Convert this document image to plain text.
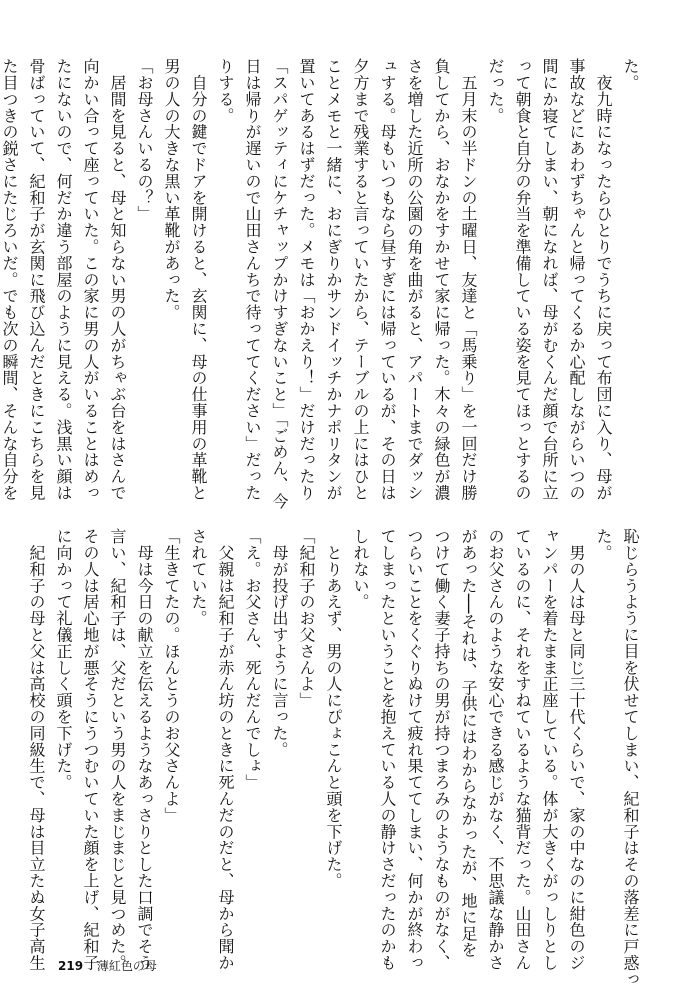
た。
　夜九時になったらひとりでうちに戻って布団に入り、母が
事故などにあわずちゃんと帰ってくるか心配しながらいつの
間にか寝てしまい、朝になれば、母がむくんだ顔で台所に立
って朝食と自分の弁当を準備している姿を見てほっとするの
だった。
　五月末の半ドンの土曜日、友達と「馬乗り」を一回だけ勝
負してから、おなかをすかせて家に帰った。木々の緑色が濃
さを増した近所の公園の角を曲がると、アパートまでダッシ
ュする。母もいつもなら昼すぎには帰っているが、その日は
夕方まで残業すると言っていたから、テーブルの上にはひと
ことメモと一緒に、おにぎりかサンドイッチかナポリタンが
置いてあるはずだった。メモは「おかえり！」だけだったり
「スパゲッティにケチャップかけすぎないこと」「ごめん、今
日は帰りが遅いので山田さんちで待っててください」だった
りする。
　自分の鍵でドアを開けると、玄関に、母の仕事用の革靴と
男の人の大きな黒い革靴があった。
「お母さんいるの？」
　居間を見ると、母と知らない男の人がちゃぶ台をはさんで
向かい合って座っていた。この家に男の人がいることはめっ
たにないので、何だか違う部屋のように見える。浅黒い顔は
骨ばっていて、紀和子が玄関に飛び込んだときにこちらを見
た目つきの鋭さにたじろいだ。でも次の瞬間、そんな自分を
恥じらうように目を伏せてしまい、紀和子はその落差に戸惑っ
た。
　男の人は母と同じ三十代くらいで、家の中なのに紺色のジ
ャンパーを着たまま正座している。体が大きくがっしりとし
ているのに、それをすねているような猫背だった。山田さん
のお父さんのような安心できる感じがなく、不思議な静かさ
があった──それは、子供にはわからなかったが、地に足を
つけて働く妻子持ちの男が持つまろみのようなものがなく、
つらいことをくぐりぬけて疲れ果ててしまい、何かが終わっ
てしまったということを抱えている人の静けさだったのかも
しれない。
　とりあえず、男の人にぴょこんと頭を下げた。
「紀和子のお父さんよ」
　母が投げ出すように言った。
「え。お父さん、死んだんでしょ」
　父親は紀和子が赤ん坊のときに死んだのだと、母から聞か
されていた。
「生きてたの。ほんとうのお父さんよ」
　母は今日の献立を伝えるようなあっさりとした口調でそう
言い、紀和子は、父だという男の人をまじまじと見つめた。
その人は居心地が悪そうにうつむいていた顔を上げ、紀和子
に向かって礼儀正しく頭を下げた。
　紀和子の母と父は高校の同級生で、母は目立たぬ女子高生	219 薄紅色の母
